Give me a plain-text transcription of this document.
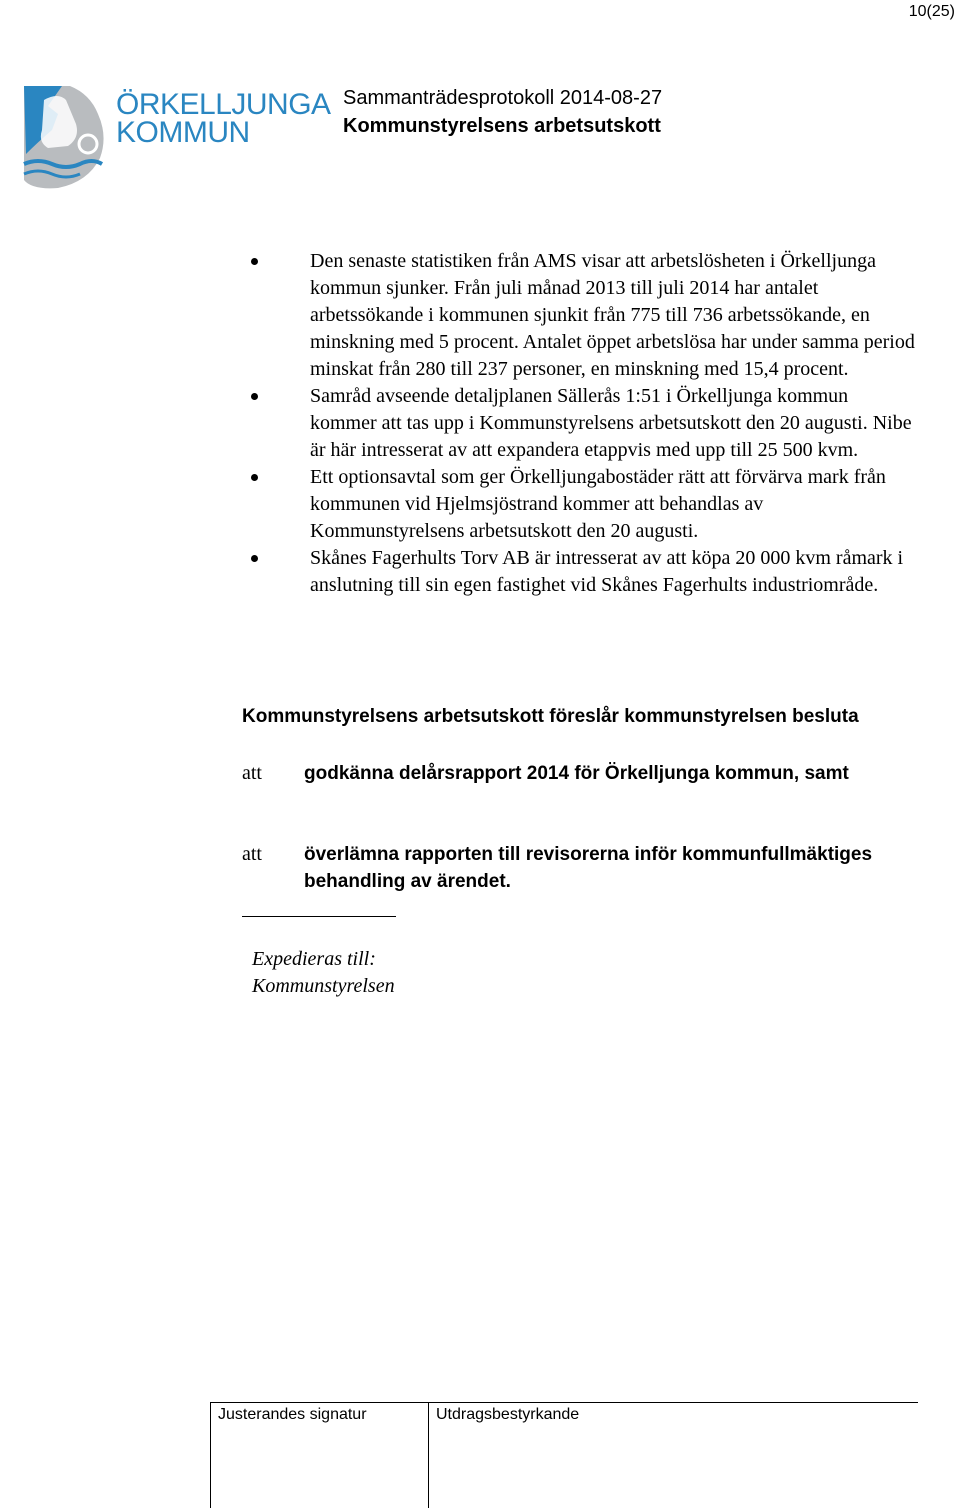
10(25)
ÖRKELLJUNGA
KOMMUN
Sammanträdesprotokoll 2014-08-27
Kommunstyrelsens arbetsutskott
Den senaste statistiken från AMS visar att arbetslösheten i Örkelljunga kommun sjunker. Från juli månad 2013 till juli 2014 har antalet arbetssökande i kommunen sjunkit från 775 till 736 arbetssökande, en minskning med 5 procent. Antalet öppet arbetslösa har under samma period minskat från 280 till 237 personer, en minskning med 15,4 procent.
Samråd avseende detaljplanen Sällerås 1:51 i Örkelljunga kommun kommer att tas upp i Kommunstyrelsens arbetsutskott den 20 augusti. Nibe är här intresserat av att expandera etappvis med upp till 25 500 kvm.
Ett optionsavtal som ger Örkelljungabostäder rätt att förvärva mark från kommunen vid Hjelmsjöstrand kommer att behandlas av Kommunstyrelsens arbetsutskott den 20 augusti.
Skånes Fagerhults Torv AB är intresserat av att köpa 20 000 kvm råmark i anslutning till sin egen fastighet vid Skånes Fagerhults industriområde.
Kommunstyrelsens arbetsutskott föreslår kommunstyrelsen besluta
att godkänna delårsrapport 2014 för Örkelljunga kommun, samt
att överlämna rapporten till revisorerna inför kommunfullmäktiges behandling av ärendet.
Expedieras till:
Kommunstyrelsen
Justerandes signatur	Utdragsbestyrkande
